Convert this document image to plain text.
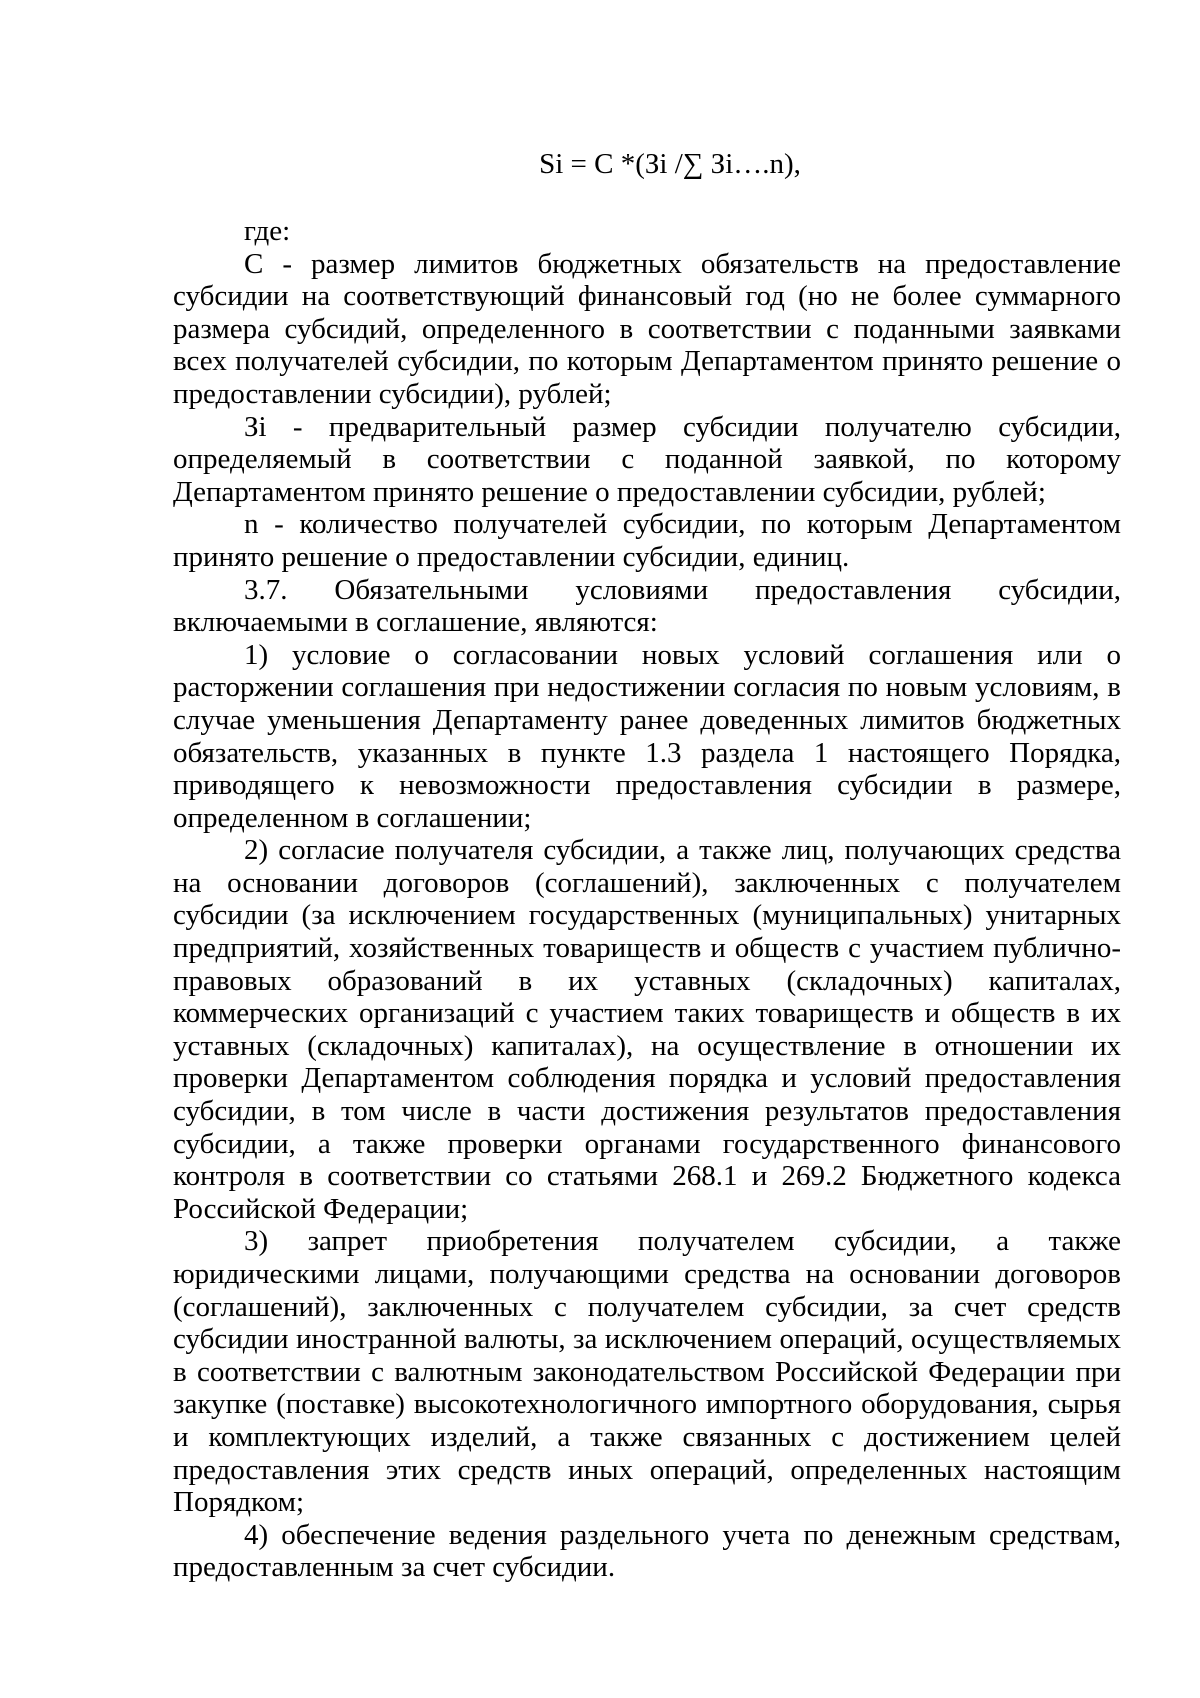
Si = C *(Зi /∑ Зi….n),

где:

С - размер лимитов бюджетных обязательств на предоставление субсидии на соответствующий финансовый год (но не более суммарного размера субсидий, определенного в соответствии с поданными заявками всех получателей субсидии, по которым Департаментом принято решение о предоставлении субсидии), рублей;

Зi - предварительный размер субсидии получателю субсидии, определяемый в соответствии с поданной заявкой, по которому Департаментом принято решение о предоставлении субсидии, рублей;

n - количество получателей субсидии, по которым Департаментом принято решение о предоставлении субсидии, единиц.

3.7. Обязательными условиями предоставления субсидии, включаемыми в соглашение, являются:

1) условие о согласовании новых условий соглашения или о расторжении соглашения при недостижении согласия по новым условиям, в случае уменьшения Департаменту ранее доведенных лимитов бюджетных обязательств, указанных в пункте 1.3 раздела 1 настоящего Порядка, приводящего к невозможности предоставления субсидии в размере, определенном в соглашении;

2) согласие получателя субсидии, а также лиц, получающих средства на основании договоров (соглашений), заключенных с получателем субсидии (за исключением государственных (муниципальных) унитарных предприятий, хозяйственных товариществ и обществ с участием публично-правовых образований в их уставных (складочных) капиталах, коммерческих организаций с участием таких товариществ и обществ в их уставных (складочных) капиталах), на осуществление в отношении их проверки Департаментом соблюдения порядка и условий предоставления субсидии, в том числе в части достижения результатов предоставления субсидии, а также проверки органами государственного финансового контроля в соответствии со статьями 268.1 и 269.2 Бюджетного кодекса Российской Федерации;

3) запрет приобретения получателем субсидии, а также юридическими лицами, получающими средства на основании договоров (соглашений), заключенных с получателем субсидии, за счет средств субсидии иностранной валюты, за исключением операций, осуществляемых в соответствии с валютным законодательством Российской Федерации при закупке (поставке) высокотехнологичного импортного оборудования, сырья и комплектующих изделий, а также связанных с достижением целей предоставления этих средств иных операций, определенных настоящим Порядком;

4) обеспечение ведения раздельного учета по денежным средствам, предоставленным за счет субсидии.
